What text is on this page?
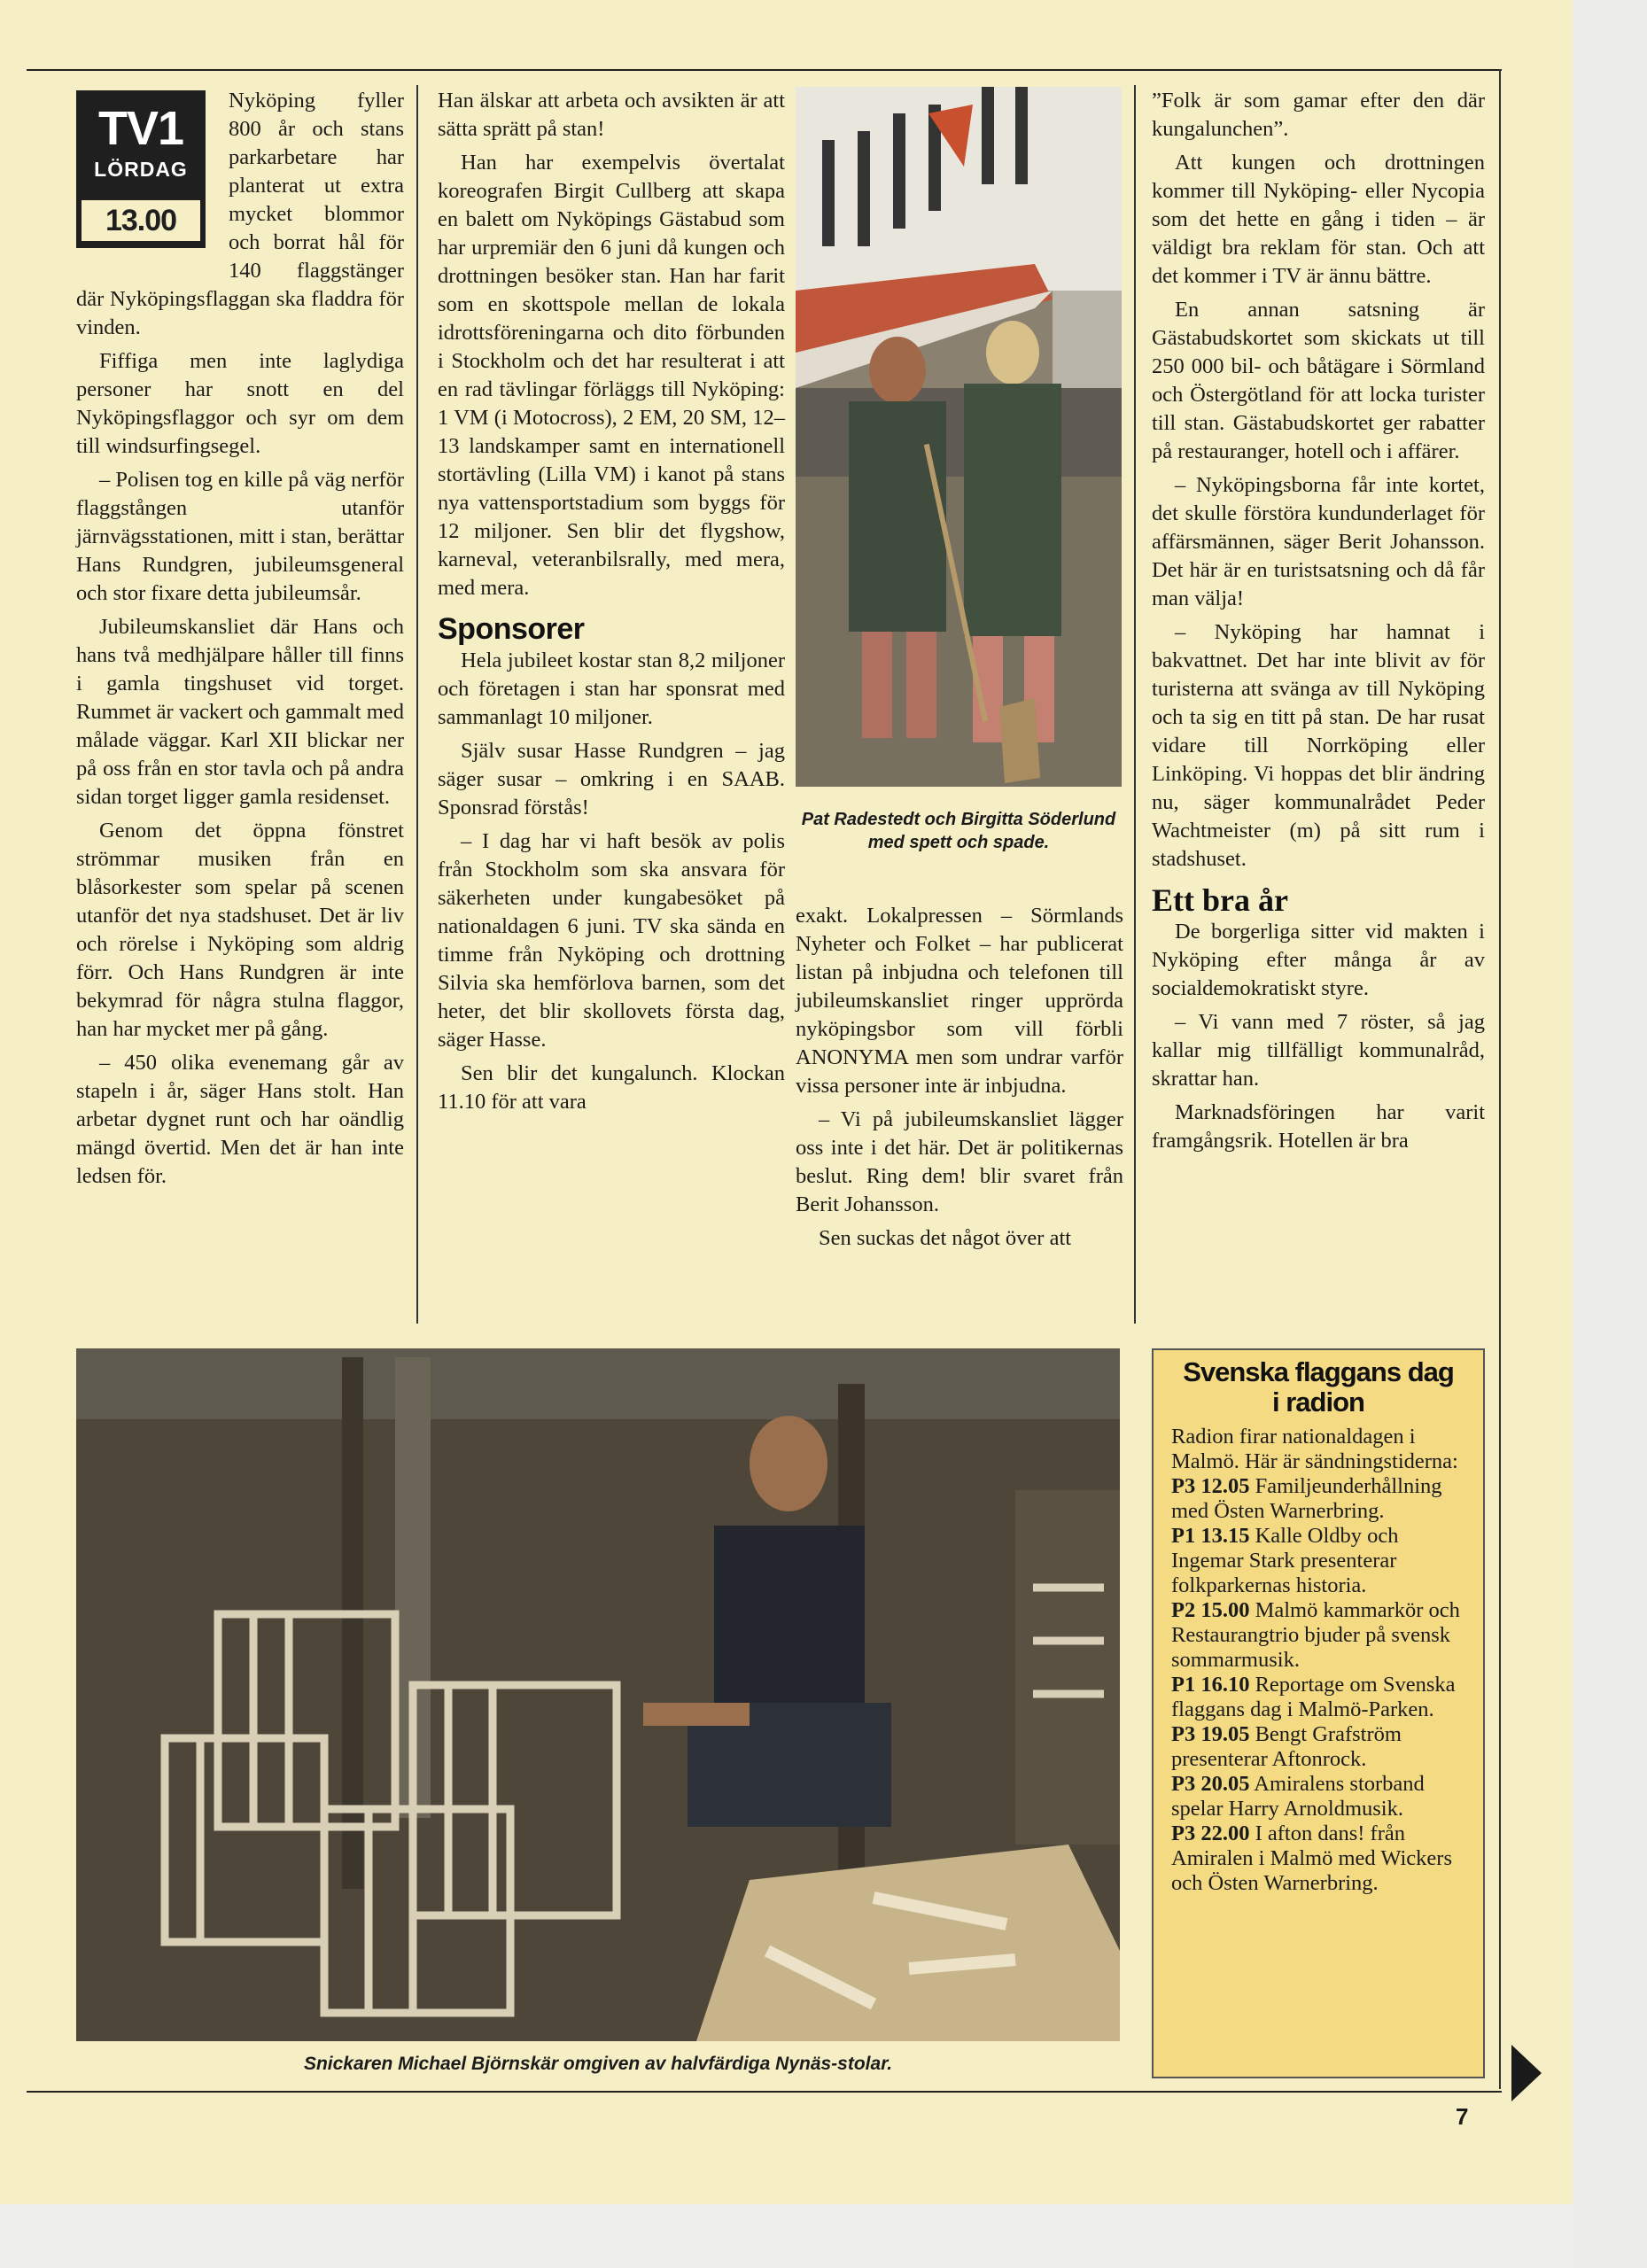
TV1
LÖRDAG
13.00

Nyköping fyller 800 år och stans parkarbetare har planterat ut extra mycket blommor och borrat hål för 140 flaggstänger där Nyköpingsflaggan ska fladdra för vinden.

Fiffiga men inte laglydiga personer har snott en del Nyköpingsflaggor och syr om dem till windsurfingsegel.

– Polisen tog en kille på väg nerför flaggstången utanför järnvägsstationen, mitt i stan, berättar Hans Rundgren, jubileumsgeneral och stor fixare detta jubileumsår.

Jubileumskansliet där Hans och hans två medhjälpare håller till finns i gamla tingshuset vid torget. Rummet är vackert och gammalt med målade väggar. Karl XII blickar ner på oss från en stor tavla och på andra sidan torget ligger gamla residenset.

Genom det öppna fönstret strömmar musiken från en blåsorkester som spelar på scenen utanför det nya stadshuset. Det är liv och rörelse i Nyköping som aldrig förr. Och Hans Rundgren är inte bekymrad för några stulna flaggor, han har mycket mer på gång.

– 450 olika evenemang går av stapeln i år, säger Hans stolt. Han arbetar dygnet runt och har oändlig mängd övertid. Men det är han inte ledsen för.

Han älskar att arbeta och avsikten är att sätta sprätt på stan!

Han har exempelvis övertalat koreografen Birgit Cullberg att skapa en balett om Nyköpings Gästabud som har urpremiär den 6 juni då kungen och drottningen besöker stan. Han har farit som en skottspole mellan de lokala idrottsföreningarna och dito förbunden i Stockholm och det har resulterat i att en rad tävlingar förläggs till Nyköping: 1 VM (i Motocross), 2 EM, 20 SM, 12–13 landskamper samt en internationell stortävling (Lilla VM) i kanot på stans nya vattensportstadium som byggs för 12 miljoner. Sen blir det flygshow, karneval, veteranbilsrally, med mera, med mera.

Sponsorer

Hela jubileet kostar stan 8,2 miljoner och företagen i stan har sponsrat med sammanlagt 10 miljoner.

Själv susar Hasse Rundgren – jag säger susar – omkring i en SAAB. Sponsrad förstås!

– I dag har vi haft besök av polis från Stockholm som ska ansvara för säkerheten under kungabesöket på nationaldagen 6 juni. TV ska sända en timme från Nyköping och drottning Silvia ska hemförlova barnen, som det heter, det blir skollovets första dag, säger Hasse.

Sen blir det kungalunch. Klockan 11.10 för att vara

Pat Radestedt och Birgitta Söderlund med spett och spade.

exakt. Lokalpressen – Sörmlands Nyheter och Folket – har publicerat listan på inbjudna och telefonen till jubileumskansliet ringer upprörda nyköpingsbor som vill förbli ANONYMA men som undrar varför vissa personer inte är inbjudna.

– Vi på jubileumskansliet lägger oss inte i det här. Det är politikernas beslut. Ring dem! blir svaret från Berit Johansson.

Sen suckas det något över att

”Folk är som gamar efter den där kungalunchen”.

Att kungen och drottningen kommer till Nyköping- eller Nycopia som det hette en gång i tiden – är väldigt bra reklam för stan. Och att det kommer i TV är ännu bättre.

En annan satsning är Gästabudskortet som skickats ut till 250 000 bil- och båtägare i Sörmland och Östergötland för att locka turister till stan. Gästabudskortet ger rabatter på restauranger, hotell och i affärer.

– Nyköpingsborna får inte kortet, det skulle förstöra kundunderlaget för affärsmännen, säger Berit Johansson. Det här är en turistsatsning och då får man välja!

– Nyköping har hamnat i bakvattnet. Det har inte blivit av för turisterna att svänga av till Nyköping och ta sig en titt på stan. De har rusat vidare till Norrköping eller Linköping. Vi hoppas det blir ändring nu, säger kommunalrådet Peder Wachtmeister (m) på sitt rum i stadshuset.

Ett bra år

De borgerliga sitter vid makten i Nyköping efter många år av socialdemokratiskt styre.

– Vi vann med 7 röster, så jag kallar mig tillfälligt kommunalråd, skrattar han.

Marknadsföringen har varit framgångsrik. Hotellen är bra

Snickaren Michael Björnskär omgiven av halvfärdiga Nynäs-stolar.
Svenska flaggans dag
i radion

Radion firar nationaldagen i Malmö. Här är sändningstiderna:

P3 12.05 Familjeunderhållning med Östen Warnerbring.

P1 13.15 Kalle Oldby och Ingemar Stark presenterar folkparkernas historia.

P2 15.00 Malmö kammarkör och Restaurangtrio bjuder på svensk sommarmusik.

P1 16.10 Reportage om Svenska flaggans dag i Malmö-Parken.

P3 19.05 Bengt Grafström presenterar Aftonrock.

P3 20.05 Amiralens storband spelar Harry Arnoldmusik.

P3 22.00 I afton dans! från Amiralen i Malmö med Wickers och Östen Warnerbring.

7
